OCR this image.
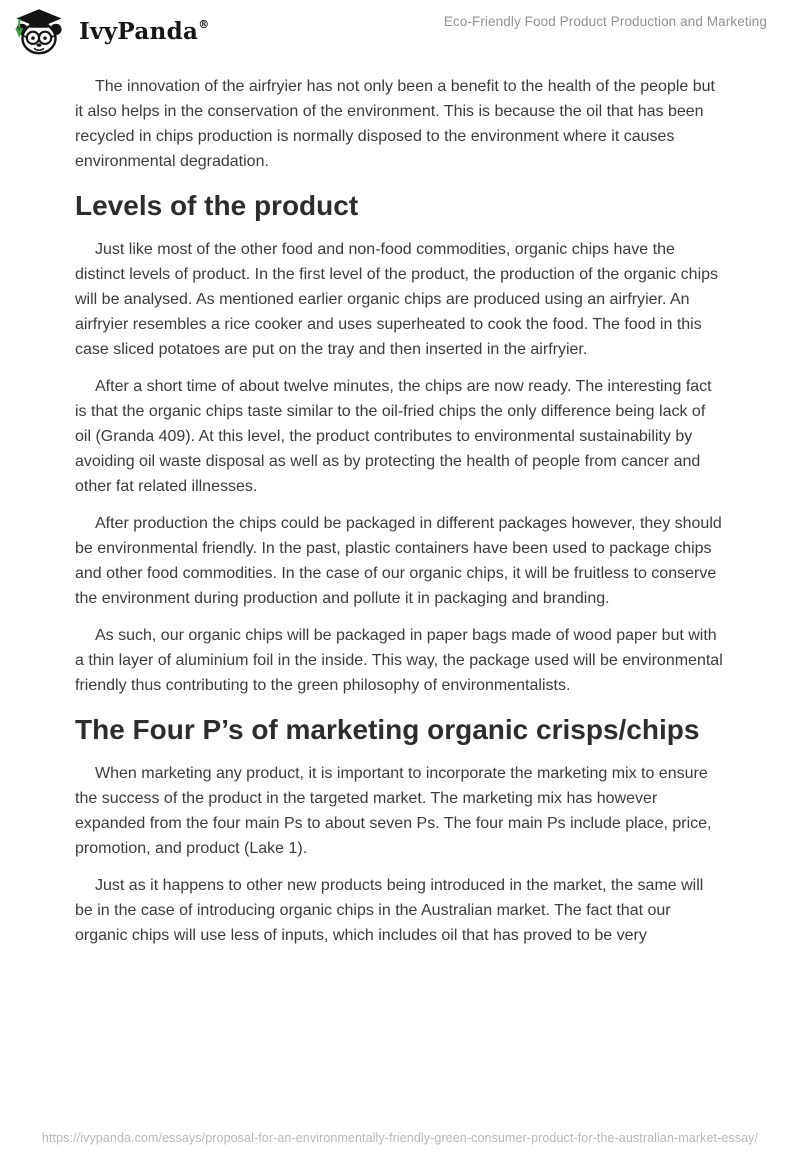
IvyPanda®	Eco-Friendly Food Product Production and Marketing

The innovation of the airfryier has not only been a benefit to the health of the people but it also helps in the conservation of the environment. This is because the oil that has been recycled in chips production is normally disposed to the environment where it causes environmental degradation.

Levels of the product

Just like most of the other food and non-food commodities, organic chips have the distinct levels of product. In the first level of the product, the production of the organic chips will be analysed. As mentioned earlier organic chips are produced using an airfryier. An airfryier resembles a rice cooker and uses superheated to cook the food. The food in this case sliced potatoes are put on the tray and then inserted in the airfryier.

After a short time of about twelve minutes, the chips are now ready. The interesting fact is that the organic chips taste similar to the oil-fried chips the only difference being lack of oil (Granda 409). At this level, the product contributes to environmental sustainability by avoiding oil waste disposal as well as by protecting the health of people from cancer and other fat related illnesses.

After production the chips could be packaged in different packages however, they should be environmental friendly. In the past, plastic containers have been used to package chips and other food commodities. In the case of our organic chips, it will be fruitless to conserve the environment during production and pollute it in packaging and branding.

As such, our organic chips will be packaged in paper bags made of wood paper but with a thin layer of aluminium foil in the inside. This way, the package used will be environmental friendly thus contributing to the green philosophy of environmentalists.

The Four P’s of marketing organic crisps/chips

When marketing any product, it is important to incorporate the marketing mix to ensure the success of the product in the targeted market. The marketing mix has however expanded from the four main Ps to about seven Ps. The four main Ps include place, price, promotion, and product (Lake 1).

Just as it happens to other new products being introduced in the market, the same will be in the case of introducing organic chips in the Australian market. The fact that our organic chips will use less of inputs, which includes oil that has proved to be very

https://ivypanda.com/essays/proposal-for-an-environmentally-friendly-green-consumer-product-for-the-australian-market-essay/
